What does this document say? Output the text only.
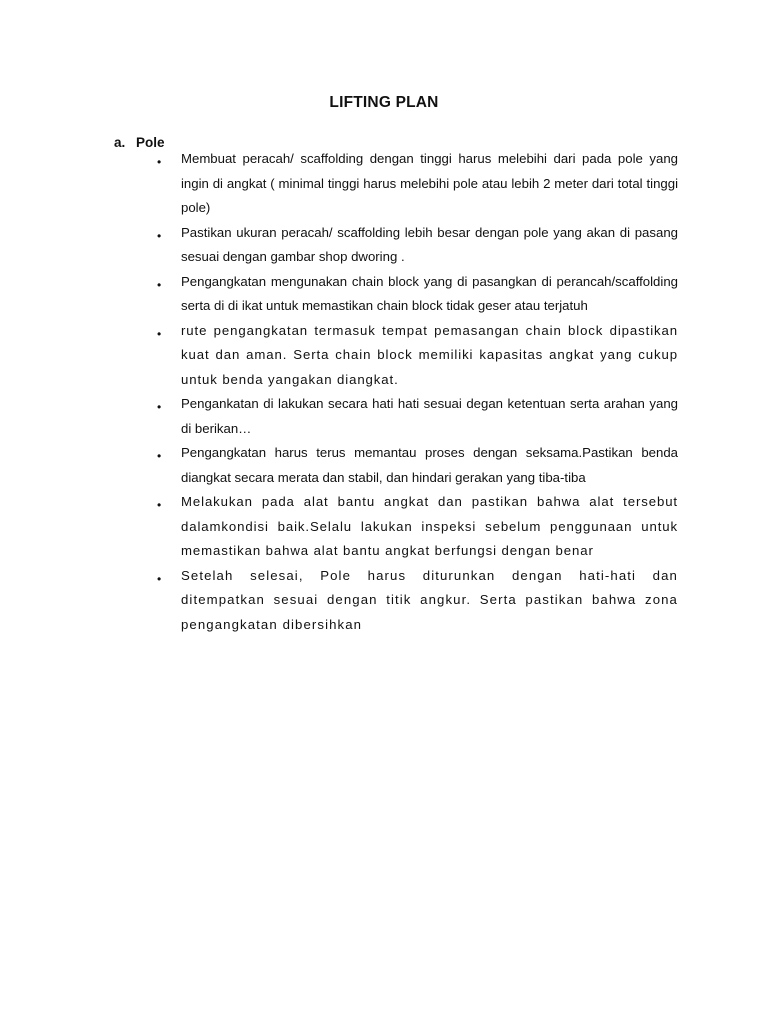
LIFTING PLAN
a. Pole
• Membuat peracah/ scaffolding dengan tinggi harus melebihi dari pada pole yang ingin di angkat ( minimal tinggi harus melebihi pole atau lebih 2 meter dari total tinggi pole)
• Pastikan ukuran peracah/ scaffolding lebih besar dengan pole yang akan di pasang sesuai dengan gambar shop dworing .
• Pengangkatan mengunakan chain block yang di pasangkan di perancah/scaffolding serta di di ikat untuk memastikan chain block tidak geser atau terjatuh
• rute pengangkatan termasuk tempat pemasangan chain block dipastikan kuat dan aman. Serta chain block memiliki kapasitas angkat yang cukup untuk benda yangakan diangkat.
• Pengankatan di lakukan secara hati hati sesuai degan ketentuan serta arahan yang di berikan…
• Pengangkatan harus terus memantau proses dengan seksama.Pastikan benda diangkat secara merata dan stabil, dan hindari gerakan yang tiba-tiba
• Melakukan pada alat bantu angkat dan pastikan bahwa alat tersebut dalamkondisi baik.Selalu lakukan inspeksi sebelum penggunaan untuk memastikan bahwa alat bantu angkat berfungsi dengan benar
• Setelah selesai, Pole harus diturunkan dengan hati-hati dan ditempatkan sesuai dengan titik angkur. Serta pastikan bahwa zona pengangkatan dibersihkan
